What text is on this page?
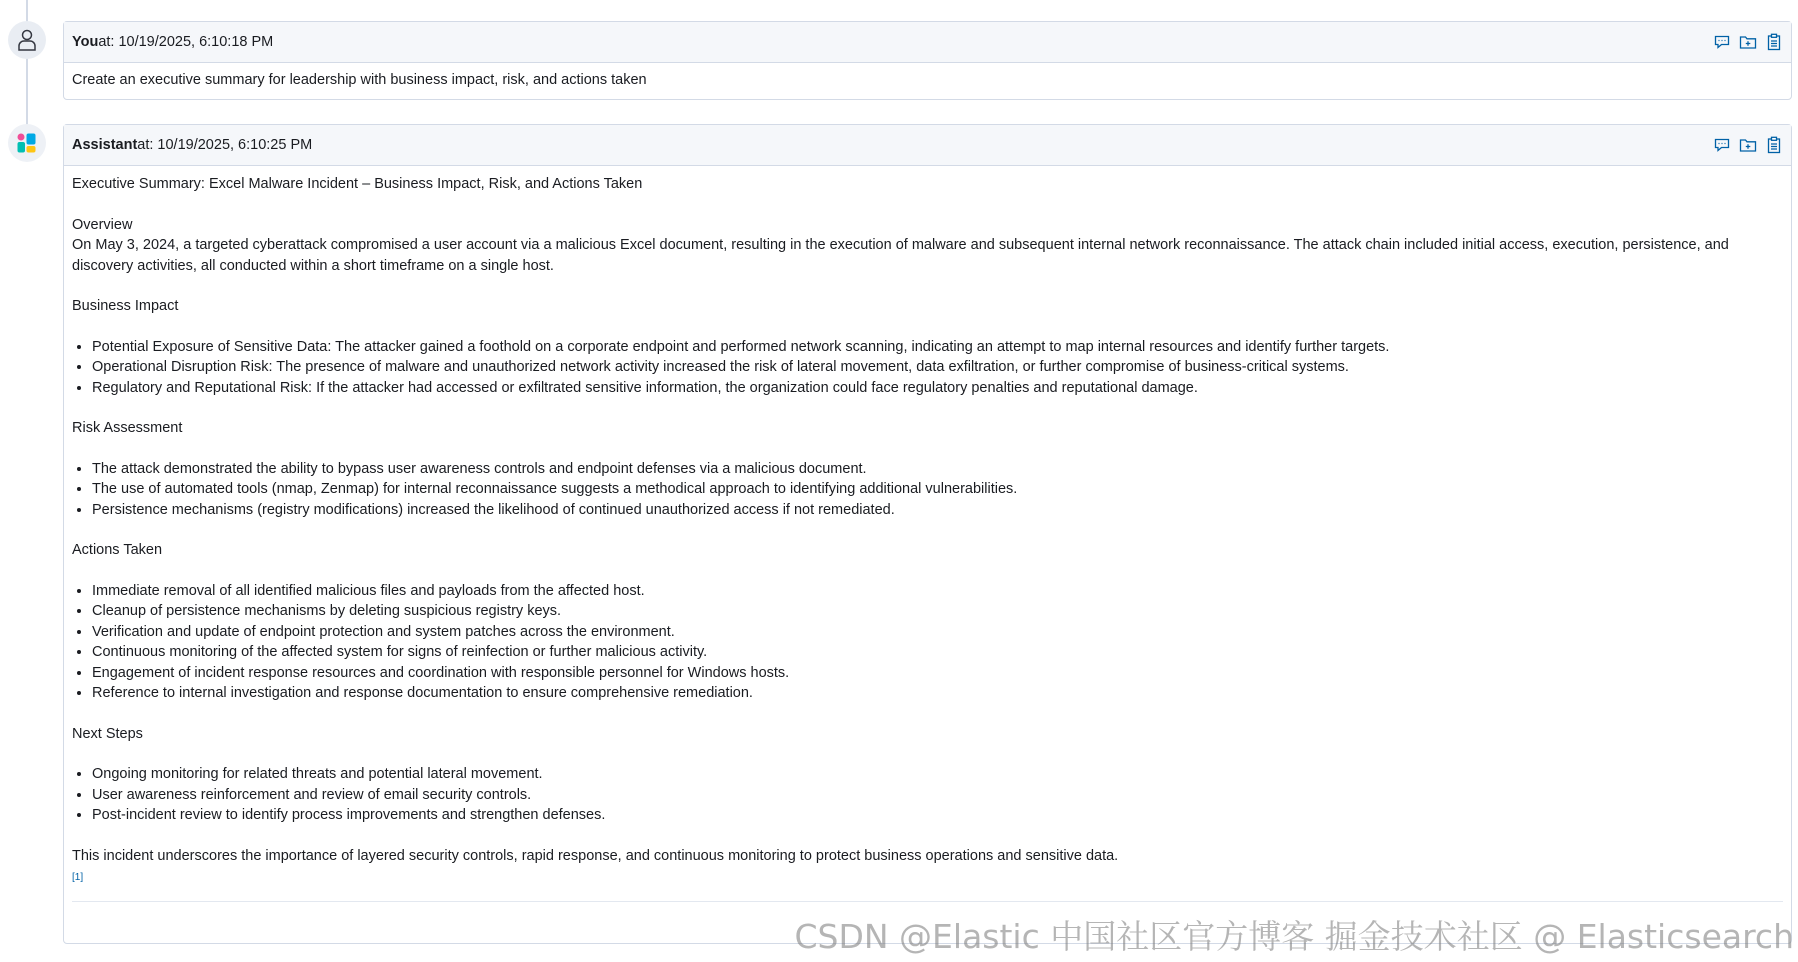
You at: 10/19/2025, 6:10:18 PM

Create an executive summary for leadership with business impact, risk, and actions taken

Assistant at: 10/19/2025, 6:10:25 PM

Executive Summary: Excel Malware Incident – Business Impact, Risk, and Actions Taken

Overview

On May 3, 2024, a targeted cyberattack compromised a user account via a malicious Excel document, resulting in the execution of malware and subsequent internal network reconnaissance. The attack chain included initial access, execution, persistence, and discovery activities, all conducted within a short timeframe on a single host.

Business Impact

• Potential Exposure of Sensitive Data: The attacker gained a foothold on a corporate endpoint and performed network scanning, indicating an attempt to map internal resources and identify further targets.
• Operational Disruption Risk: The presence of malware and unauthorized network activity increased the risk of lateral movement, data exfiltration, or further compromise of business-critical systems.
• Regulatory and Reputational Risk: If the attacker had accessed or exfiltrated sensitive information, the organization could face regulatory penalties and reputational damage.

Risk Assessment

• The attack demonstrated the ability to bypass user awareness controls and endpoint defenses via a malicious document.
• The use of automated tools (nmap, Zenmap) for internal reconnaissance suggests a methodical approach to identifying additional vulnerabilities.
• Persistence mechanisms (registry modifications) increased the likelihood of continued unauthorized access if not remediated.

Actions Taken

• Immediate removal of all identified malicious files and payloads from the affected host.
• Cleanup of persistence mechanisms by deleting suspicious registry keys.
• Verification and update of endpoint protection and system patches across the environment.
• Continuous monitoring of the affected system for signs of reinfection or further malicious activity.
• Engagement of incident response resources and coordination with responsible personnel for Windows hosts.
• Reference to internal investigation and response documentation to ensure comprehensive remediation.

Next Steps

• Ongoing monitoring for related threats and potential lateral movement.
• User awareness reinforcement and review of email security controls.
• Post-incident review to identify process improvements and strengthen defenses.

This incident underscores the importance of layered security controls, rapid response, and continuous monitoring to protect business operations and sensitive data.

[1]
CSDN @Elastic 中国社区官方博客 掘金技术社区 @ Elasticsearch
